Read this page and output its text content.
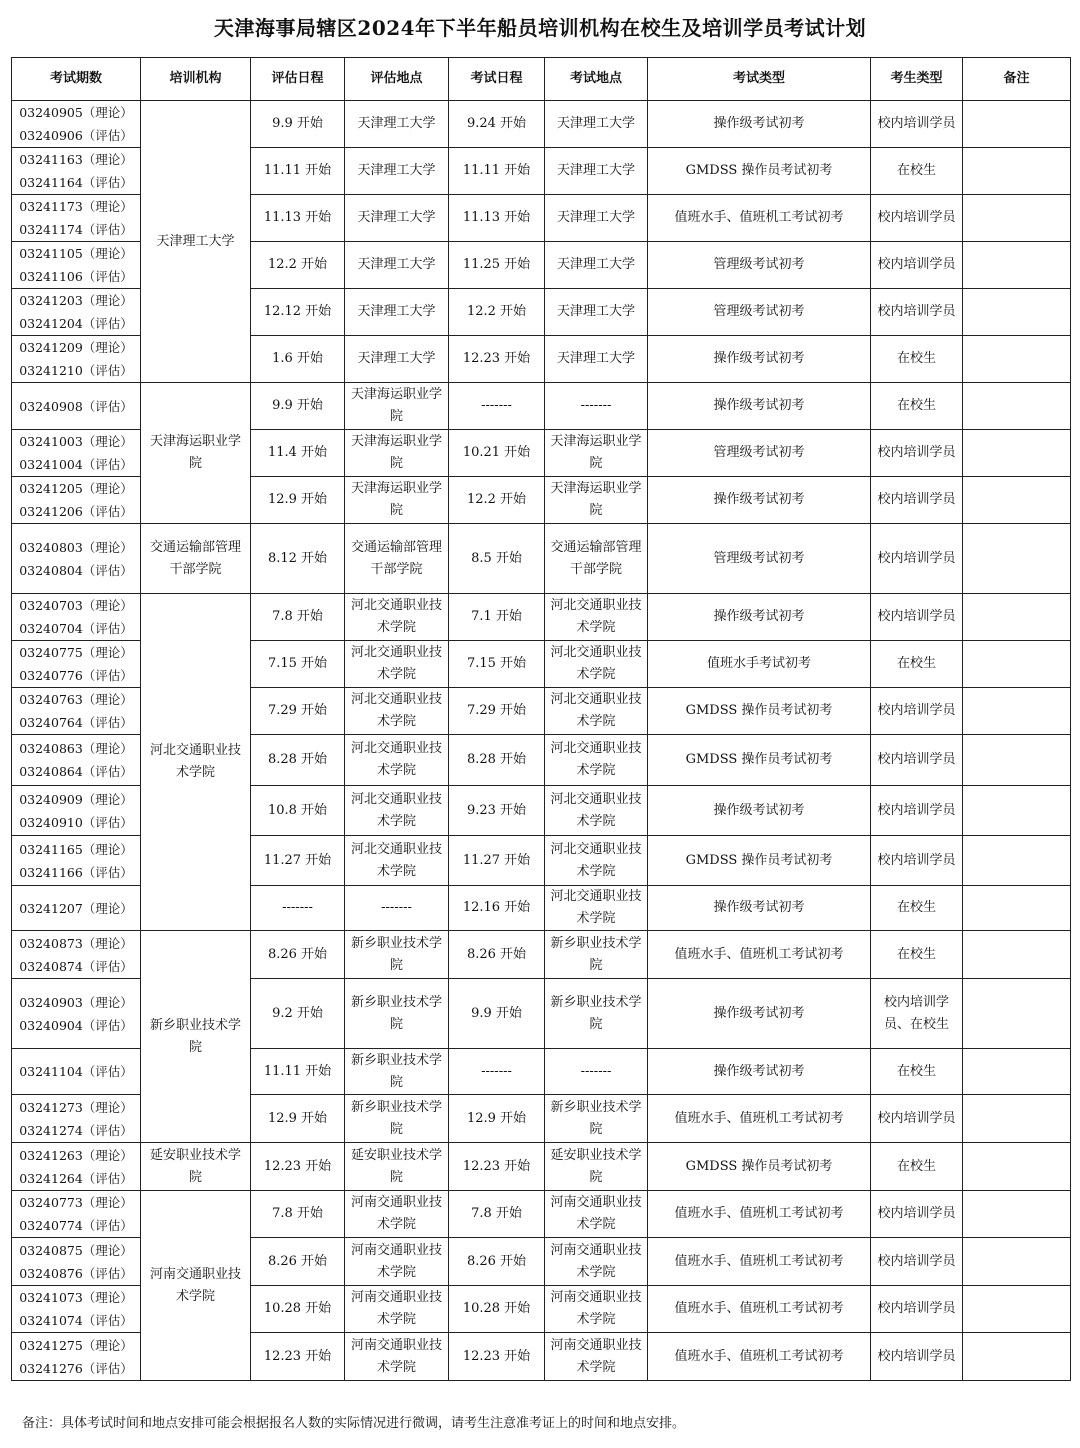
天津海事局辖区2024年下半年船员培训机构在校生及培训学员考试计划
考试期数	培训机构	评估日程	评估地点	考试日程	考试地点	考试类型	考生类型	备注

03240905（理论）
03240906（评估）	天津理工大学	9.9 开始	天津理工大学	9.24 开始	天津理工大学	操作级考试初考	校内培训学员	

03241163（理论）
03241164（评估）		11.11 开始	天津理工大学	11.11 开始	天津理工大学	GMDSS 操作员考试初考	在校生	

03241173（理论）
03241174（评估）		11.13 开始	天津理工大学	11.13 开始	天津理工大学	值班水手、值班机工考试初考	校内培训学员	

03241105（理论）
03241106（评估）		12.2 开始	天津理工大学	11.25 开始	天津理工大学	管理级考试初考	校内培训学员	

03241203（理论）
03241204（评估）		12.12 开始	天津理工大学	12.2 开始	天津理工大学	管理级考试初考	校内培训学员	

03241209（理论）
03241210（评估）		1.6 开始	天津理工大学	12.23 开始	天津理工大学	操作级考试初考	在校生	

03240908（评估）	天津海运职业学院	9.9 开始	天津海运职业学院	-------	-------	操作级考试初考	在校生	

03241003（理论）
03241004（评估）		11.4 开始	天津海运职业学院	10.21 开始	天津海运职业学院	管理级考试初考	校内培训学员	

03241205（理论）
03241206（评估）		12.9 开始	天津海运职业学院	12.2 开始	天津海运职业学院	操作级考试初考	校内培训学员	

03240803（理论）
03240804（评估）	交通运输部管理干部学院	8.12 开始	交通运输部管理干部学院	8.5 开始	交通运输部管理干部学院	管理级考试初考	校内培训学员	

03240703（理论）
03240704（评估）	河北交通职业技术学院	7.8 开始	河北交通职业技术学院	7.1 开始	河北交通职业技术学院	操作级考试初考	校内培训学员	

03240775（理论）
03240776（评估）		7.15 开始	河北交通职业技术学院	7.15 开始	河北交通职业技术学院	值班水手考试初考	在校生	

03240763（理论）
03240764（评估）		7.29 开始	河北交通职业技术学院	7.29 开始	河北交通职业技术学院	GMDSS 操作员考试初考	校内培训学员	

03240863（理论）
03240864（评估）		8.28 开始	河北交通职业技术学院	8.28 开始	河北交通职业技术学院	GMDSS 操作员考试初考	校内培训学员	

03240909（理论）
03240910（评估）		10.8 开始	河北交通职业技术学院	9.23 开始	河北交通职业技术学院	操作级考试初考	校内培训学员	

03241165（理论）
03241166（评估）		11.27 开始	河北交通职业技术学院	11.27 开始	河北交通职业技术学院	GMDSS 操作员考试初考	校内培训学员	

03241207（理论）		-------	-------	12.16 开始	河北交通职业技术学院	操作级考试初考	在校生	

03240873（理论）
03240874（评估）	新乡职业技术学院	8.26 开始	新乡职业技术学院	8.26 开始	新乡职业技术学院	值班水手、值班机工考试初考	在校生	

03240903（理论）
03240904（评估）		9.2 开始	新乡职业技术学院	9.9 开始	新乡职业技术学院	操作级考试初考	校内培训学员、在校生	

03241104（评估）		11.11 开始	新乡职业技术学院	-------	-------	操作级考试初考	在校生	

03241273（理论）
03241274（评估）		12.9 开始	新乡职业技术学院	12.9 开始	新乡职业技术学院	值班水手、值班机工考试初考	校内培训学员	

03241263（理论）
03241264（评估）	延安职业技术学院	12.23 开始	延安职业技术学院	12.23 开始	延安职业技术学院	GMDSS 操作员考试初考	在校生	

03240773（理论）
03240774（评估）	河南交通职业技术学院	7.8 开始	河南交通职业技术学院	7.8 开始	河南交通职业技术学院	值班水手、值班机工考试初考	校内培训学员	

03240875（理论）
03240876（评估）		8.26 开始	河南交通职业技术学院	8.26 开始	河南交通职业技术学院	值班水手、值班机工考试初考	校内培训学员	

03241073（理论）
03241074（评估）		10.28 开始	河南交通职业技术学院	10.28 开始	河南交通职业技术学院	值班水手、值班机工考试初考	校内培训学员	

03241275（理论）
03241276（评估）		12.23 开始	河南交通职业技术学院	12.23 开始	河南交通职业技术学院	值班水手、值班机工考试初考	校内培训学员	
备注：具体考试时间和地点安排可能会根据报名人数的实际情况进行微调，请考生注意准考证上的时间和地点安排。
